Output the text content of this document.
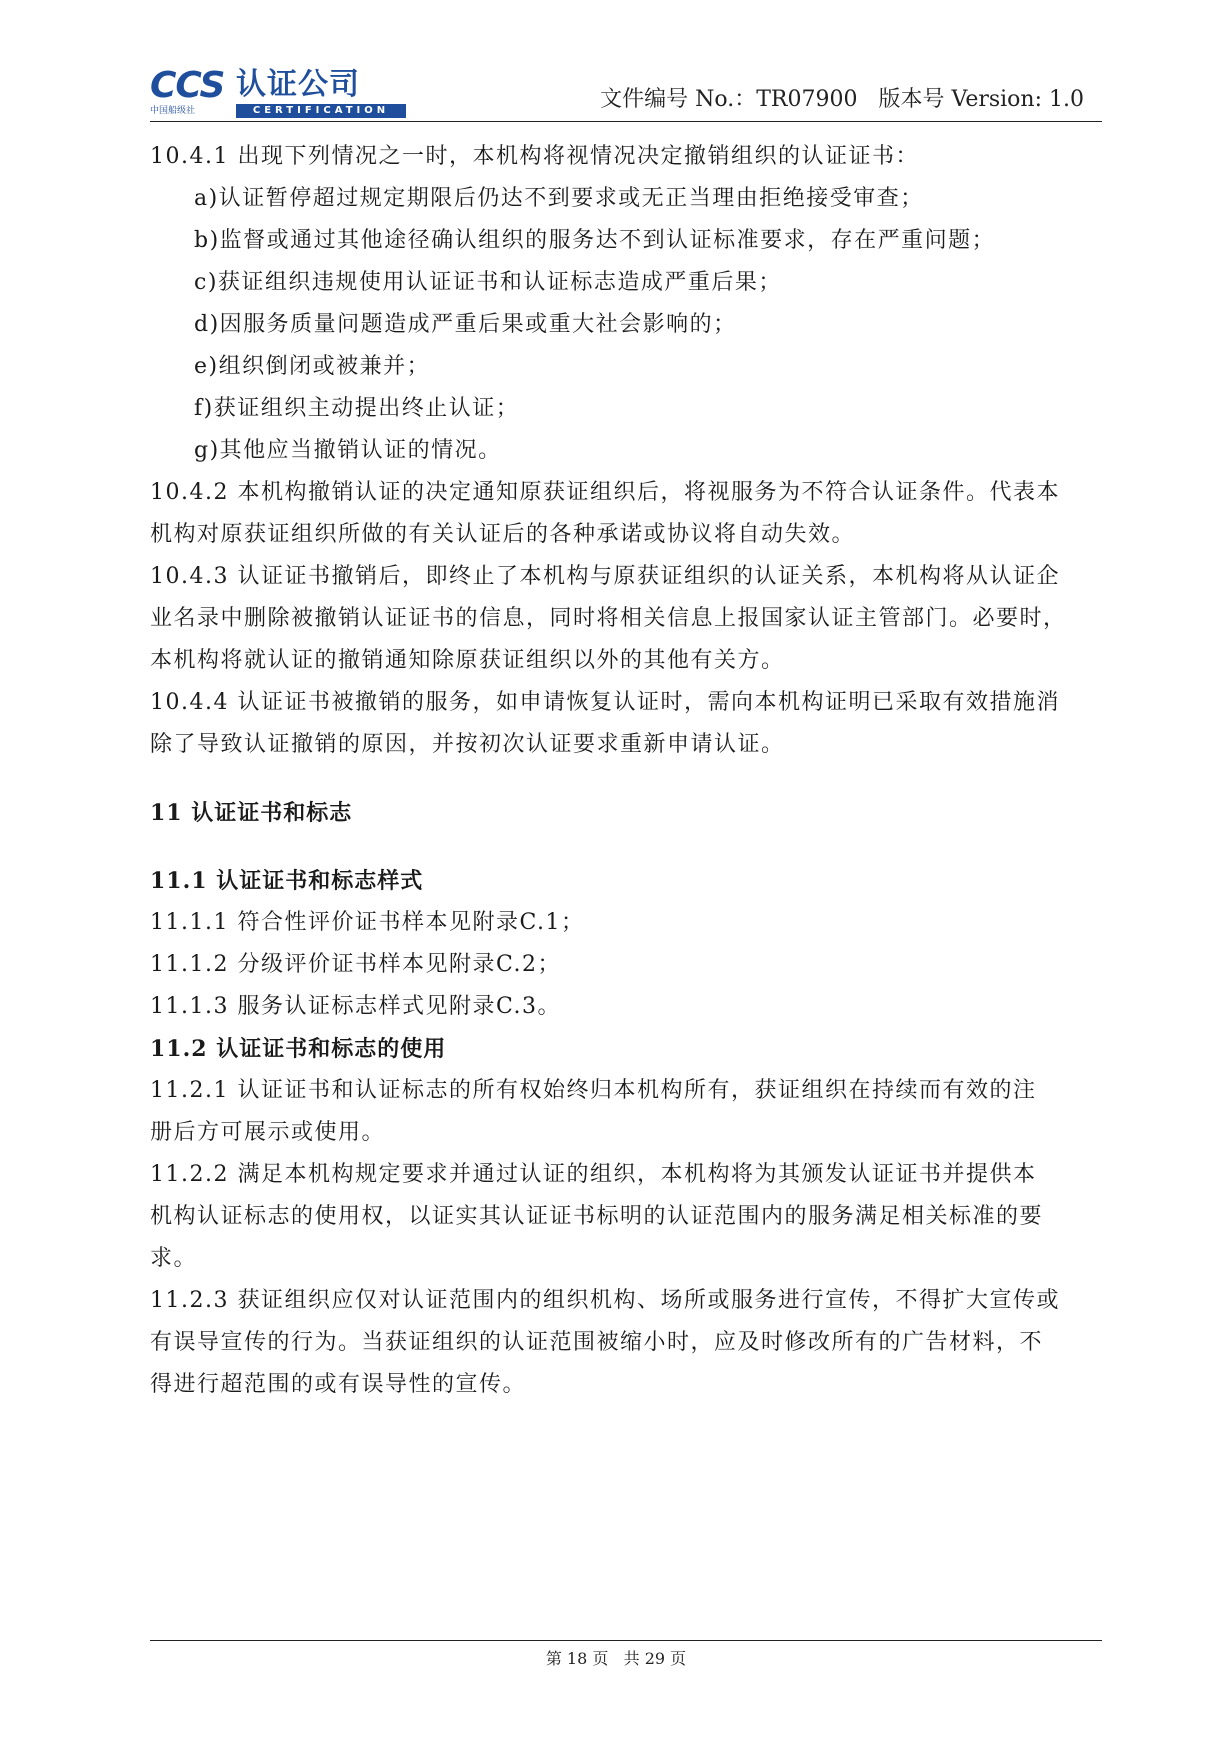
CCS 认证公司
中国船级社	CERTIFICATION	文件编号 No.：TR07900   版本号 Version: 1.0
10.4.1 出现下列情况之一时，本机构将视情况决定撤销组织的认证证书：
a)认证暂停超过规定期限后仍达不到要求或无正当理由拒绝接受审查；
b)监督或通过其他途径确认组织的服务达不到认证标准要求，存在严重问题；
c)获证组织违规使用认证证书和认证标志造成严重后果；
d)因服务质量问题造成严重后果或重大社会影响的；
e)组织倒闭或被兼并；
f)获证组织主动提出终止认证；
g)其他应当撤销认证的情况。
10.4.2 本机构撤销认证的决定通知原获证组织后，将视服务为不符合认证条件。代表本
机构对原获证组织所做的有关认证后的各种承诺或协议将自动失效。
10.4.3 认证证书撤销后，即终止了本机构与原获证组织的认证关系，本机构将从认证企
业名录中删除被撤销认证证书的信息，同时将相关信息上报国家认证主管部门。必要时，
本机构将就认证的撤销通知除原获证组织以外的其他有关方。
10.4.4 认证证书被撤销的服务，如申请恢复认证时，需向本机构证明已采取有效措施消
除了导致认证撤销的原因，并按初次认证要求重新申请认证。
11 认证证书和标志
11.1 认证证书和标志样式
11.1.1 符合性评价证书样本见附录C.1；
11.1.2 分级评价证书样本见附录C.2；
11.1.3 服务认证标志样式见附录C.3。
11.2 认证证书和标志的使用
11.2.1 认证证书和认证标志的所有权始终归本机构所有，获证组织在持续而有效的注
册后方可展示或使用。
11.2.2 满足本机构规定要求并通过认证的组织，本机构将为其颁发认证证书并提供本
机构认证标志的使用权，以证实其认证证书标明的认证范围内的服务满足相关标准的要
求。
11.2.3 获证组织应仅对认证范围内的组织机构、场所或服务进行宣传，不得扩大宣传或
有误导宣传的行为。当获证组织的认证范围被缩小时，应及时修改所有的广告材料，不
得进行超范围的或有误导性的宣传。
第 18 页   共 29 页
